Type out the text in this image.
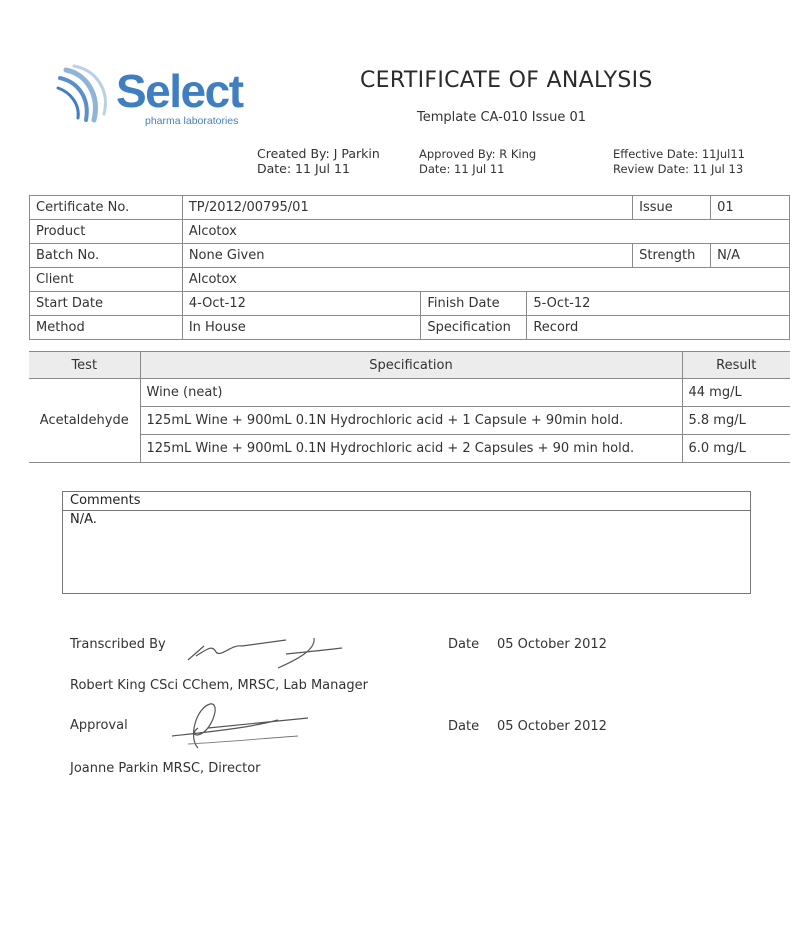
Select
pharma laboratories
CERTIFICATE OF ANALYSIS
Template CA-010 Issue 01
Created By: J Parkin
Date: 11 Jul 11
Approved By: R King
Date: 11 Jul 11
Effective Date: 11Jul11
Review Date: 11 Jul 13
Certificate No.	TP/2012/00795/01			Issue	01
Product	Alcotox				
Batch No.	None Given			Strength	N/A
Client	Alcotox				
Start Date	4-Oct-12	Finish Date	5-Oct-12		
Method	In House	Specification	Record		
Test	Specification	Result
Acetaldehyde	Wine (neat)	44 mg/L
	125mL Wine + 900mL 0.1N Hydrochloric acid + 1 Capsule + 90min hold.	5.8 mg/L
	125mL Wine + 900mL 0.1N Hydrochloric acid + 2 Capsules + 90 min hold.	6.0 mg/L
Comments
N/A.
Transcribed By	Date 05 October 2012
Robert King CSci CChem, MRSC, Lab Manager
Approval	Date 05 October 2012
Joanne Parkin MRSC, Director
